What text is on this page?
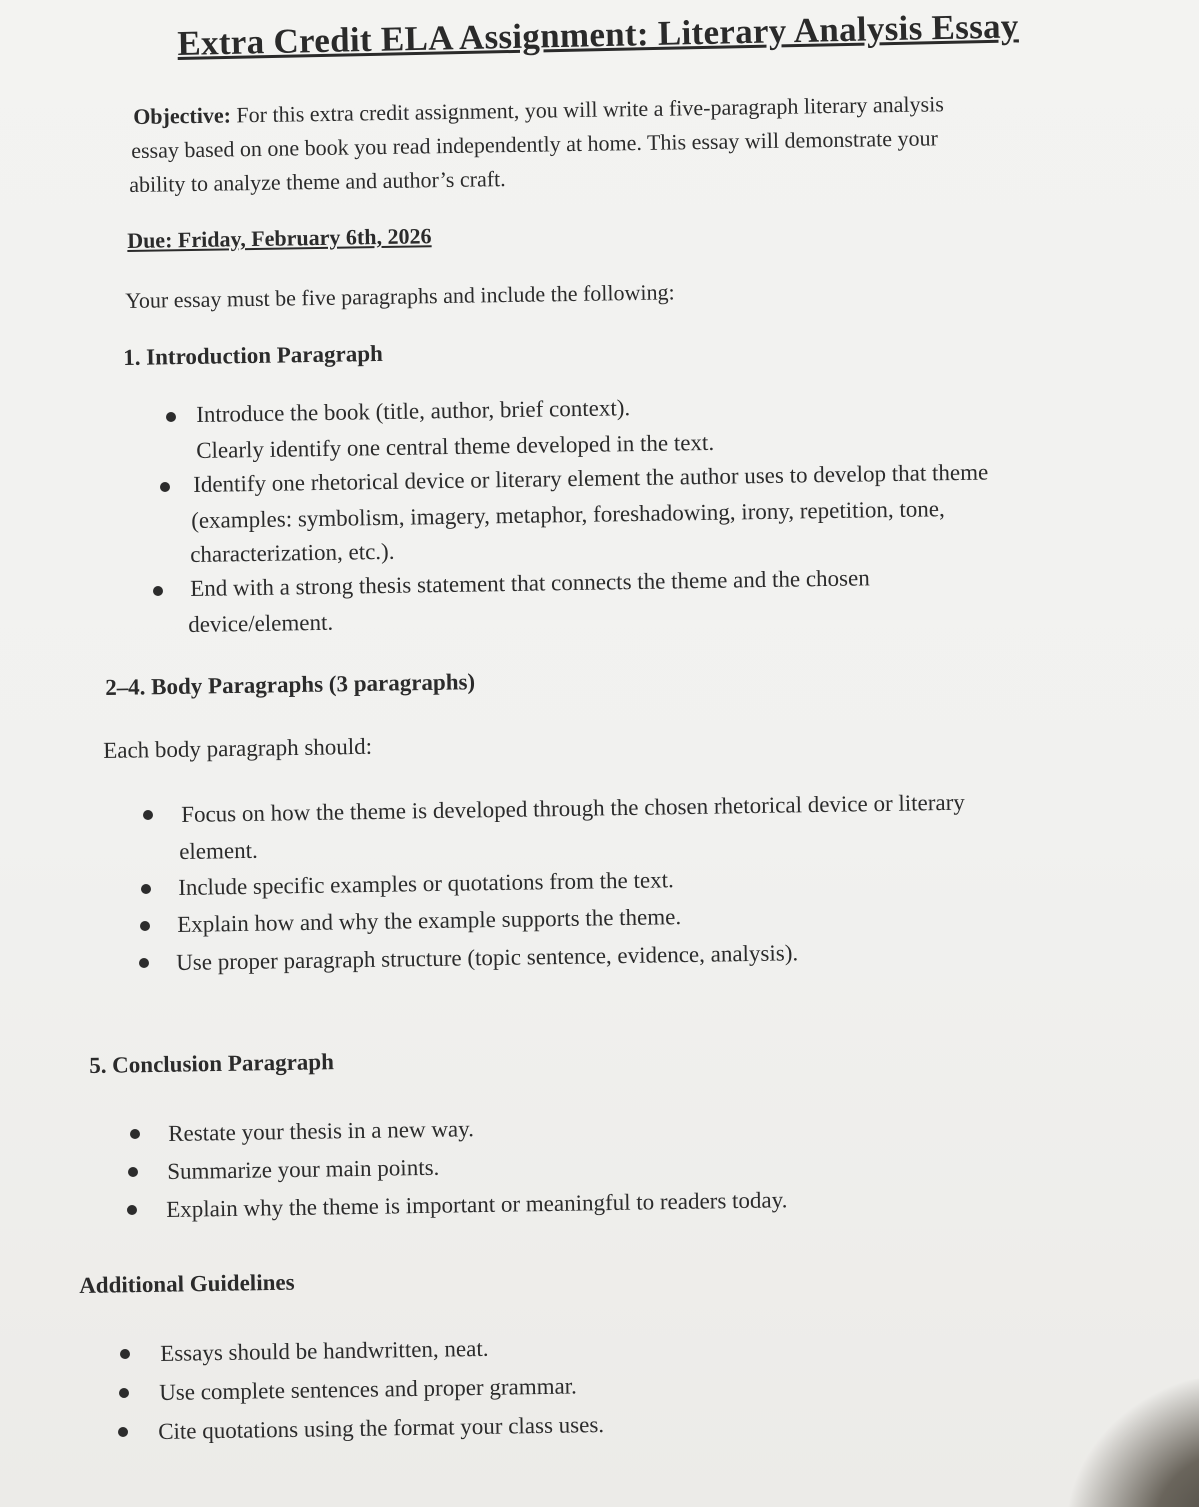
Extra Credit ELA Assignment: Literary Analysis Essay
Objective: For this extra credit assignment, you will write a five-paragraph literary analysis
essay based on one book you read independently at home. This essay will demonstrate your
ability to analyze theme and author’s craft.
Due: Friday, February 6th, 2026
Your essay must be five paragraphs and include the following:
1. Introduction Paragraph
Introduce the book (title, author, brief context).
Clearly identify one central theme developed in the text.
Identify one rhetorical device or literary element the author uses to develop that theme
(examples: symbolism, imagery, metaphor, foreshadowing, irony, repetition, tone,
characterization, etc.).
End with a strong thesis statement that connects the theme and the chosen
device/element.
2–4. Body Paragraphs (3 paragraphs)
Each body paragraph should:
Focus on how the theme is developed through the chosen rhetorical device or literary
element.
Include specific examples or quotations from the text.
Explain how and why the example supports the theme.
Use proper paragraph structure (topic sentence, evidence, analysis).
5. Conclusion Paragraph
Restate your thesis in a new way.
Summarize your main points.
Explain why the theme is important or meaningful to readers today.
Additional Guidelines
Essays should be handwritten, neat.
Use complete sentences and proper grammar.
Cite quotations using the format your class uses.
